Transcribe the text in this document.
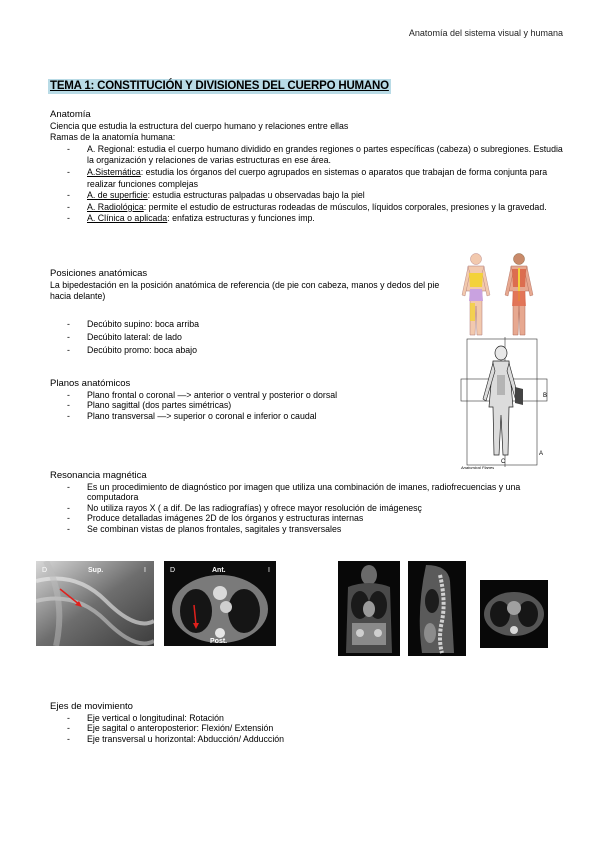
Anatomía del sistema visual y humana
TEMA 1: CONSTITUCIÓN Y DIVISIONES DEL CUERPO HUMANO

Anatomía

Ciencia que estudia la estructura del cuerpo humano y relaciones entre ellas

Ramas de la anatomía humana:

- A. Regional: estudia el cuerpo humano dividido en grandes regiones o partes específicas (cabeza) o subregiones. Estudia la organización y relaciones de varias estructuras en ese área.
- A.Sistemática: estudia los órganos del cuerpo agrupados en sistemas o aparatos que trabajan de forma conjunta para realizar funciones complejas
- A. de superficie: estudia estructuras palpadas u observadas bajo la piel
- A. Radiológica: permite el estudio de estructuras rodeadas de músculos, líquidos corporales, presiones y la gravedad.
- A. Clínica o aplicada: enfatiza estructuras y funciones imp.

Posiciones anatómicas

La bipedestación en la posición anatómica de referencia (de pie con cabeza, manos y dedos del pie hacia delante)

- Decúbito supino: boca arriba
- Decúbito lateral: de lado
- Decúbito promo: boca abajo

Planos anatómicos

- Plano frontal o coronal —> anterior o ventral y posterior o dorsal
- Plano sagittal (dos partes simétricas)
- Plano transversal —> superior o coronal e inferior o caudal

Resonancia magnética

- Es un procedimiento de diagnóstico por imagen que utiliza una combinación de imanes, radiofrecuencias y una computadora
- No utiliza rayos X ( a dif. De las radiografías) y ofrece mayor resolución de imágenesç
- Produce detalladas imágenes 2D de los órganos y estructuras internas
- Se combinan vistas de planos frontales, sagitales y transversales

Ejes de movimiento

- Eje vertical o longitudinal: Rotación
- Eje sagital o anteroposterior: Flexión/ Extensión
- Eje transversal u horizontal: Abducción/ Adducción
A
B
C
Anatomical Planes
D	Sup.	I	D	Ant.	I
Post.
